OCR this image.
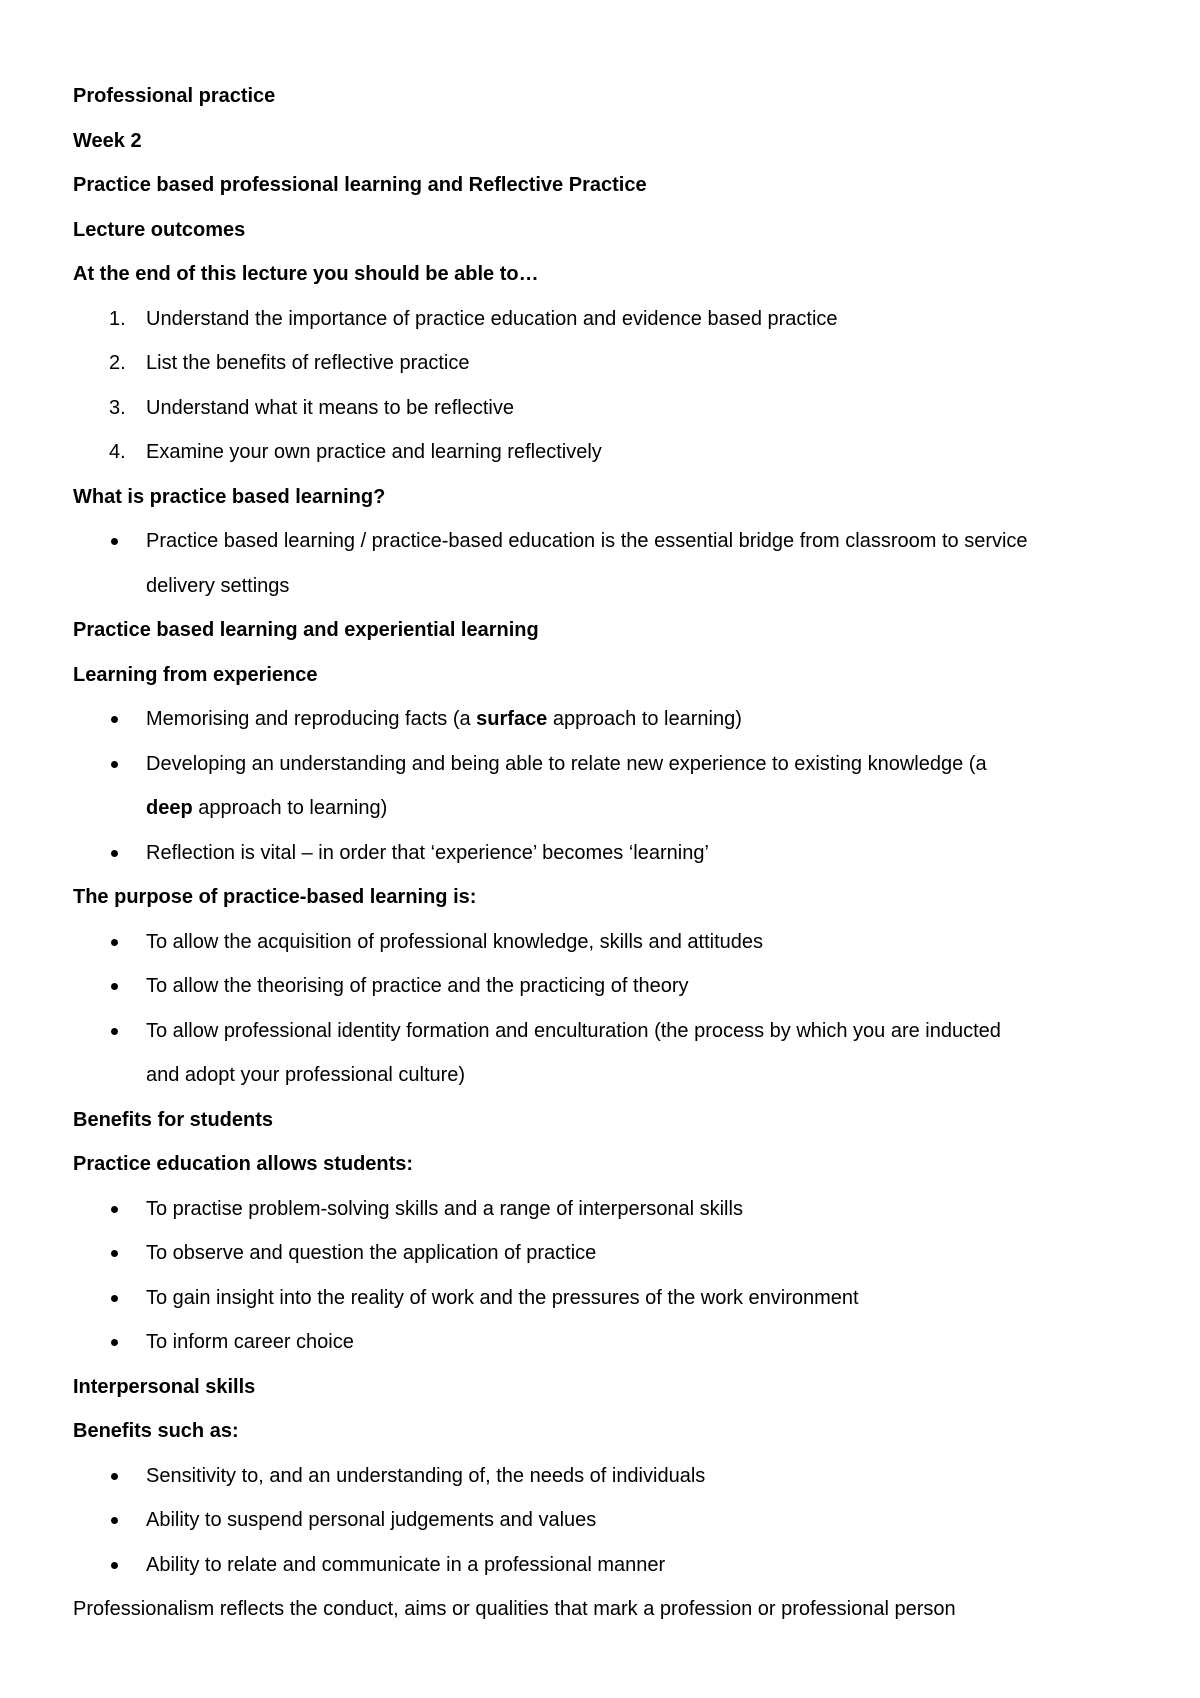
Professional practice
Week 2
Practice based professional learning and Reflective Practice
Lecture outcomes
At the end of this lecture you should be able to…
1.	Understand the importance of practice education and evidence based practice
2.	List the benefits of reflective practice
3.	Understand what it means to be reflective
4.	Examine your own practice and learning reflectively
What is practice based learning?
Practice based learning / practice-based education is the essential bridge from classroom to service
delivery settings
Practice based learning and experiential learning
Learning from experience
Memorising and reproducing facts (a surface approach to learning)
Developing an understanding and being able to relate new experience to existing knowledge (a
deep approach to learning)
Reflection is vital – in order that ‘experience’ becomes ‘learning’
The purpose of practice-based learning is:
To allow the acquisition of professional knowledge, skills and attitudes
To allow the theorising of practice and the practicing of theory
To allow professional identity formation and enculturation (the process by which you are inducted
and adopt your professional culture)
Benefits for students
Practice education allows students:
To practise problem-solving skills and a range of interpersonal skills
To observe and question the application of practice
To gain insight into the reality of work and the pressures of the work environment
To inform career choice
Interpersonal skills
Benefits such as:
Sensitivity to, and an understanding of, the needs of individuals
Ability to suspend personal judgements and values
Ability to relate and communicate in a professional manner
Professionalism reflects the conduct, aims or qualities that mark a profession or professional person
